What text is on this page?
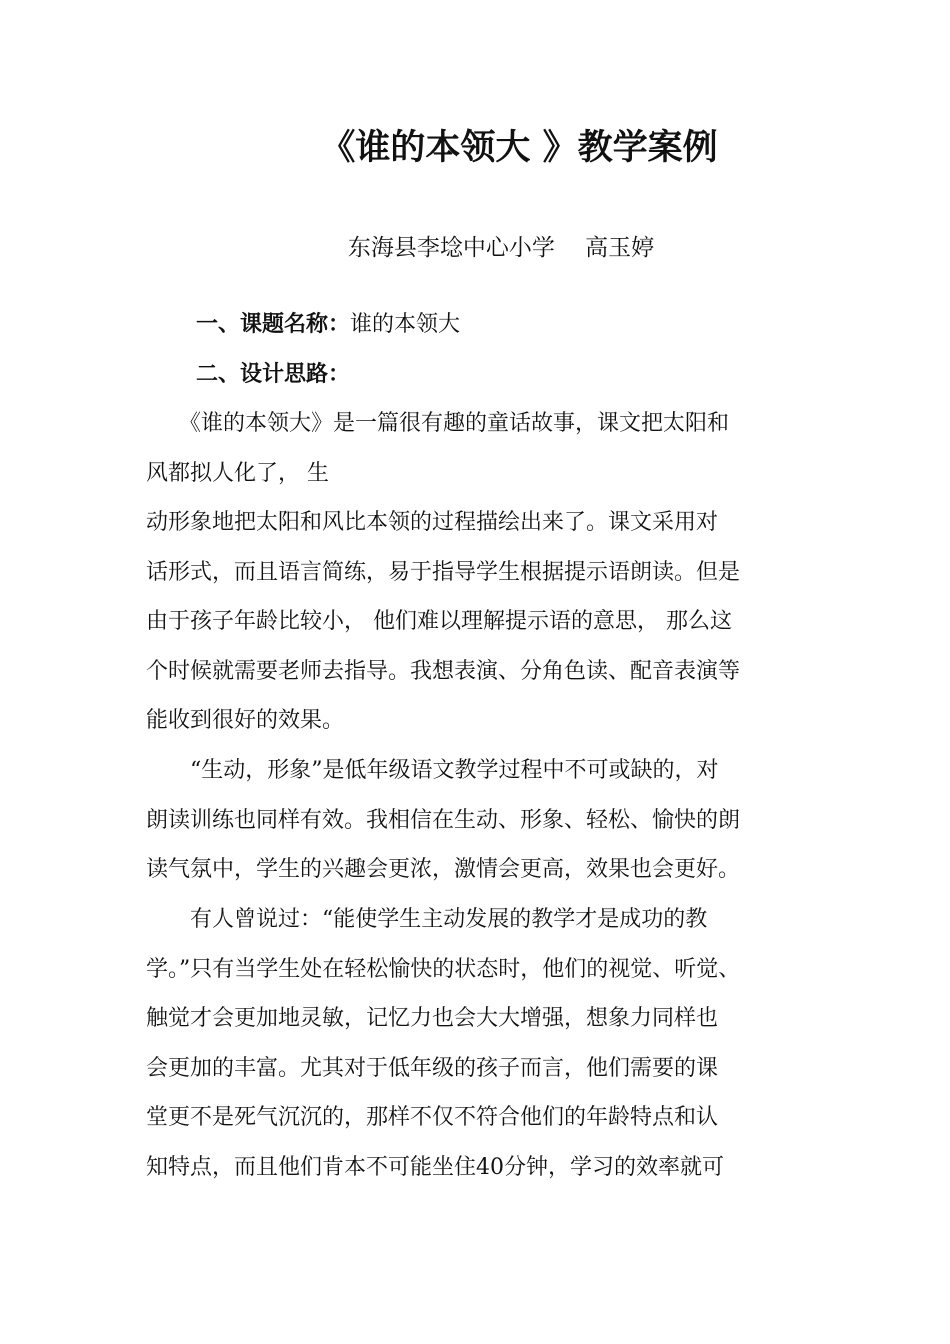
《谁的本领大 》教学案例
东海县李埝中心小学　 高玉婷
一、课题名称：谁的本领大
二、设计思路：
　　《谁的本领大》是一篇很有趣的童话故事，课文把太阳和
风都拟人化了， 生
动形象地把太阳和风比本领的过程描绘出来了。课文采用对
话形式，而且语言简练，易于指导学生根据提示语朗读。但是
由于孩子年龄比较小， 他们难以理解提示语的意思， 那么这
个时候就需要老师去指导。我想表演、分角色读、配音表演等
能收到很好的效果。
　　“生动，形象”是低年级语文教学过程中不可或缺的，对
朗读训练也同样有效。我相信在生动、形象、轻松、愉快的朗
读气氛中，学生的兴趣会更浓，激情会更高，效果也会更好。
　　有人曾说过：“能使学生主动发展的教学才是成功的教
学。”只有当学生处在轻松愉快的状态时，他们的视觉、听觉、
触觉才会更加地灵敏，记忆力也会大大增强，想象力同样也
会更加的丰富。尤其对于低年级的孩子而言，他们需要的课
堂更不是死气沉沉的，那样不仅不符合他们的年龄特点和认
知特点，而且他们肯本不可能坐住40分钟，学习的效率就可
